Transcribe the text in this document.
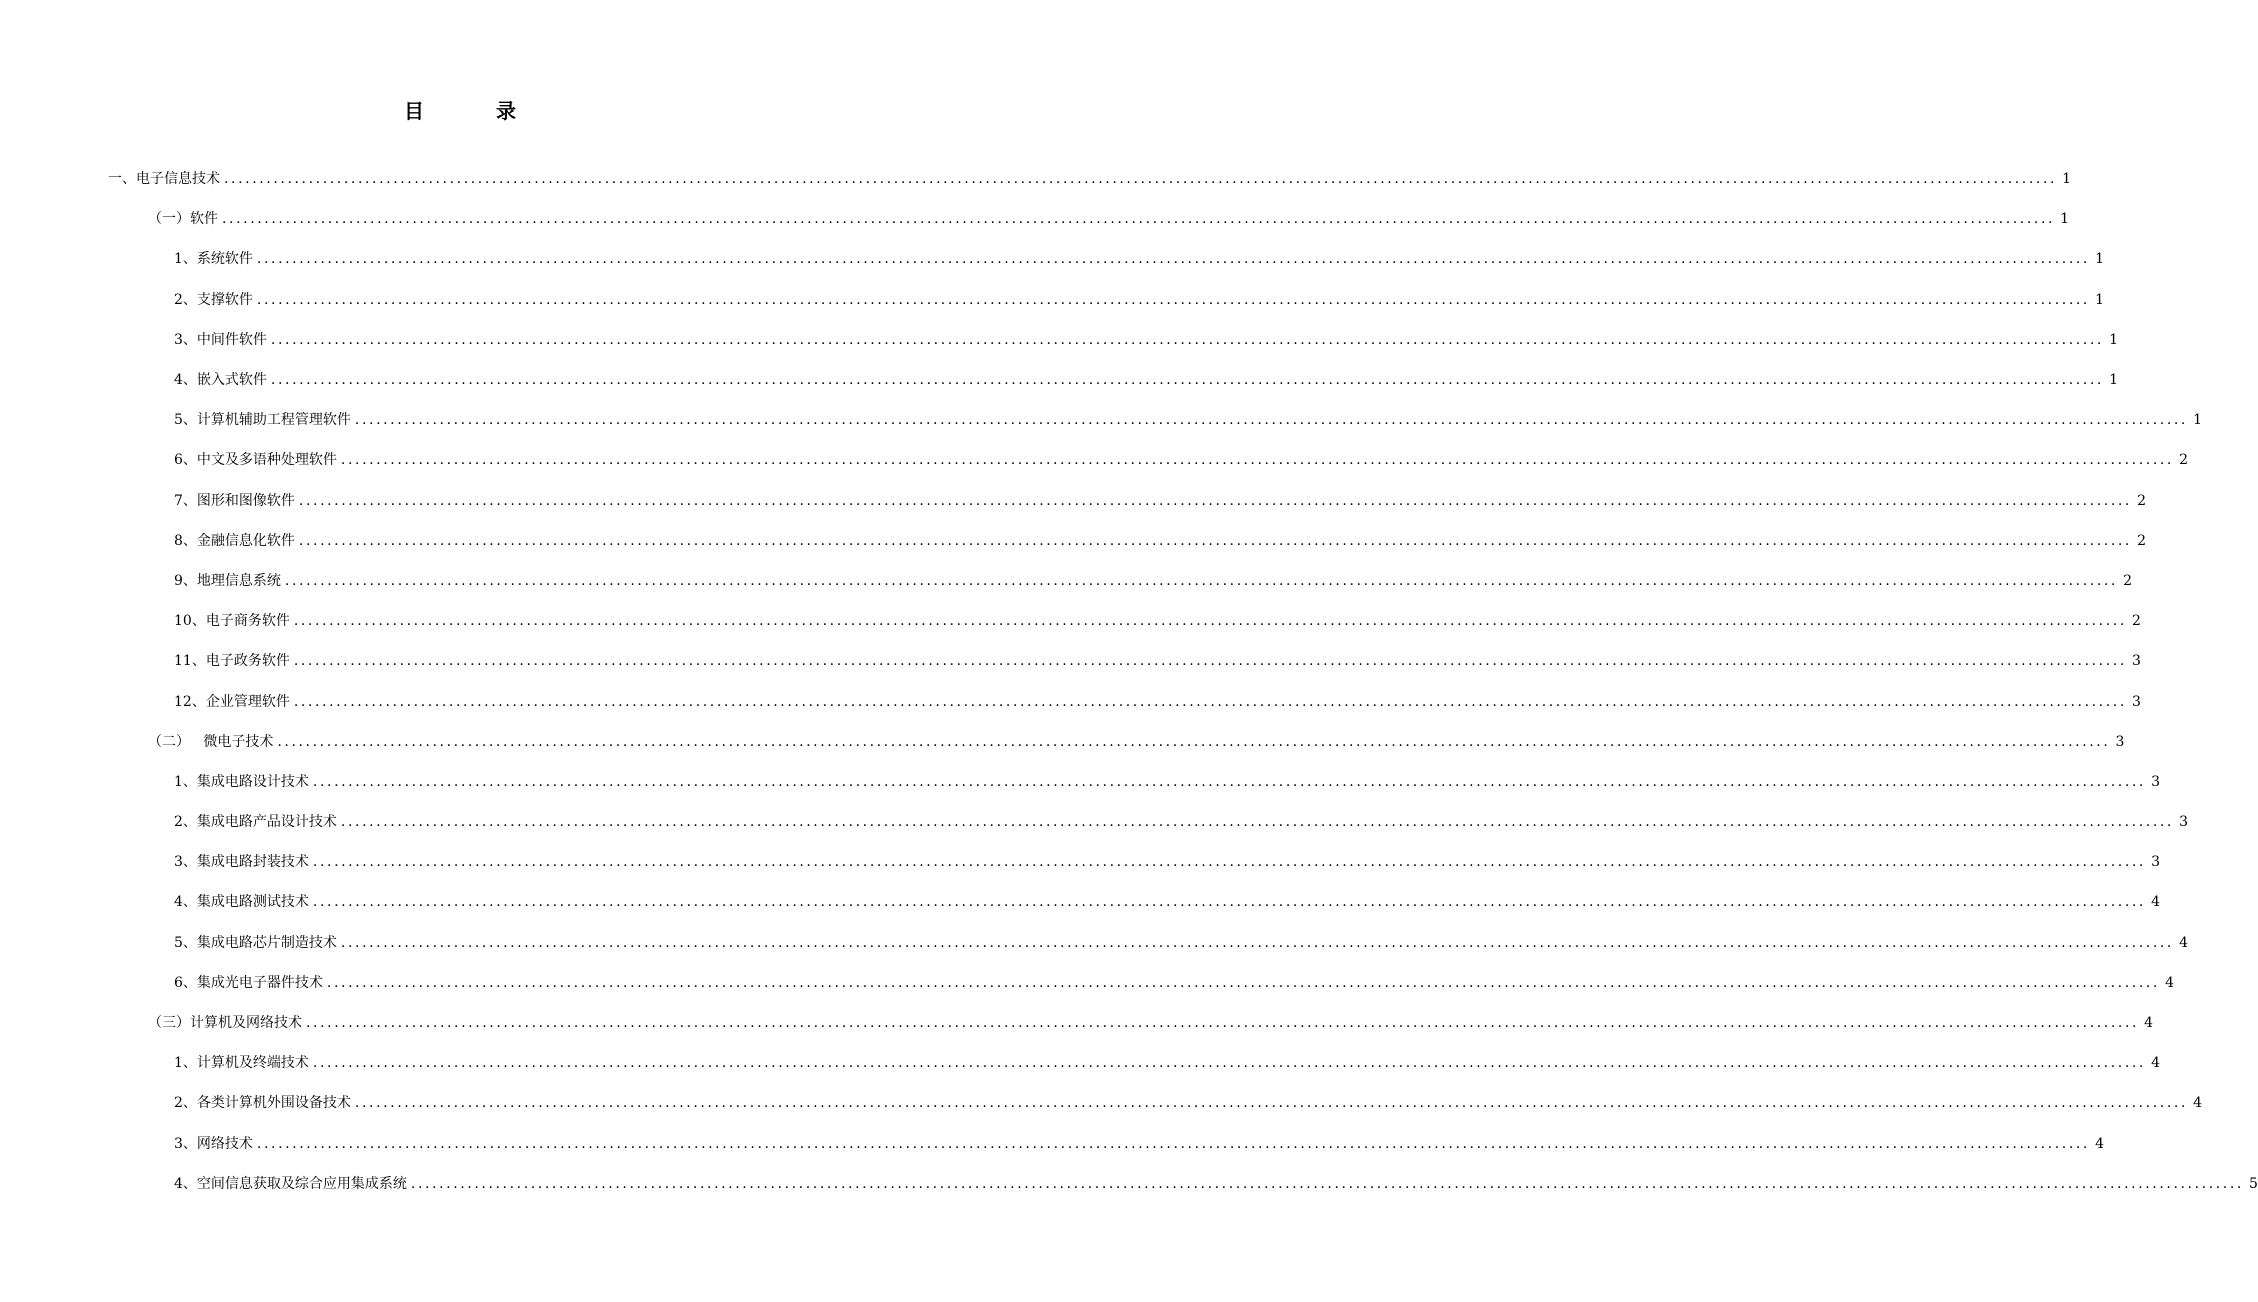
目　录
一、电子信息技术 .................................................................................................................................................................................................................................................................... 1
（一）软件 .................................................................................................................................................................................................................................................................... 1
1、系统软件 .................................................................................................................................................................................................................................................................... 1
2、支撑软件 .................................................................................................................................................................................................................................................................... 1
3、中间件软件 .................................................................................................................................................................................................................................................................... 1
4、嵌入式软件 .................................................................................................................................................................................................................................................................... 1
5、计算机辅助工程管理软件 .................................................................................................................................................................................................................................................................... 1
6、中文及多语种处理软件 .................................................................................................................................................................................................................................................................... 2
7、图形和图像软件 .................................................................................................................................................................................................................................................................... 2
8、金融信息化软件 .................................................................................................................................................................................................................................................................... 2
9、地理信息系统 .................................................................................................................................................................................................................................................................... 2
10、电子商务软件 .................................................................................................................................................................................................................................................................... 2
11、电子政务软件 .................................................................................................................................................................................................................................................................... 3
12、企业管理软件 .................................................................................................................................................................................................................................................................... 3
（二）   微电子技术 .................................................................................................................................................................................................................................................................... 3
1、集成电路设计技术 .................................................................................................................................................................................................................................................................... 3
2、集成电路产品设计技术 .................................................................................................................................................................................................................................................................... 3
3、集成电路封装技术 .................................................................................................................................................................................................................................................................... 3
4、集成电路测试技术 .................................................................................................................................................................................................................................................................... 4
5、集成电路芯片制造技术 .................................................................................................................................................................................................................................................................... 4
6、集成光电子器件技术 .................................................................................................................................................................................................................................................................... 4
（三）计算机及网络技术 .................................................................................................................................................................................................................................................................... 4
1、计算机及终端技术 .................................................................................................................................................................................................................................................................... 4
2、各类计算机外围设备技术 .................................................................................................................................................................................................................................................................... 4
3、网络技术 .................................................................................................................................................................................................................................................................... 4
4、空间信息获取及综合应用集成系统 .................................................................................................................................................................................................................................................................... 5
